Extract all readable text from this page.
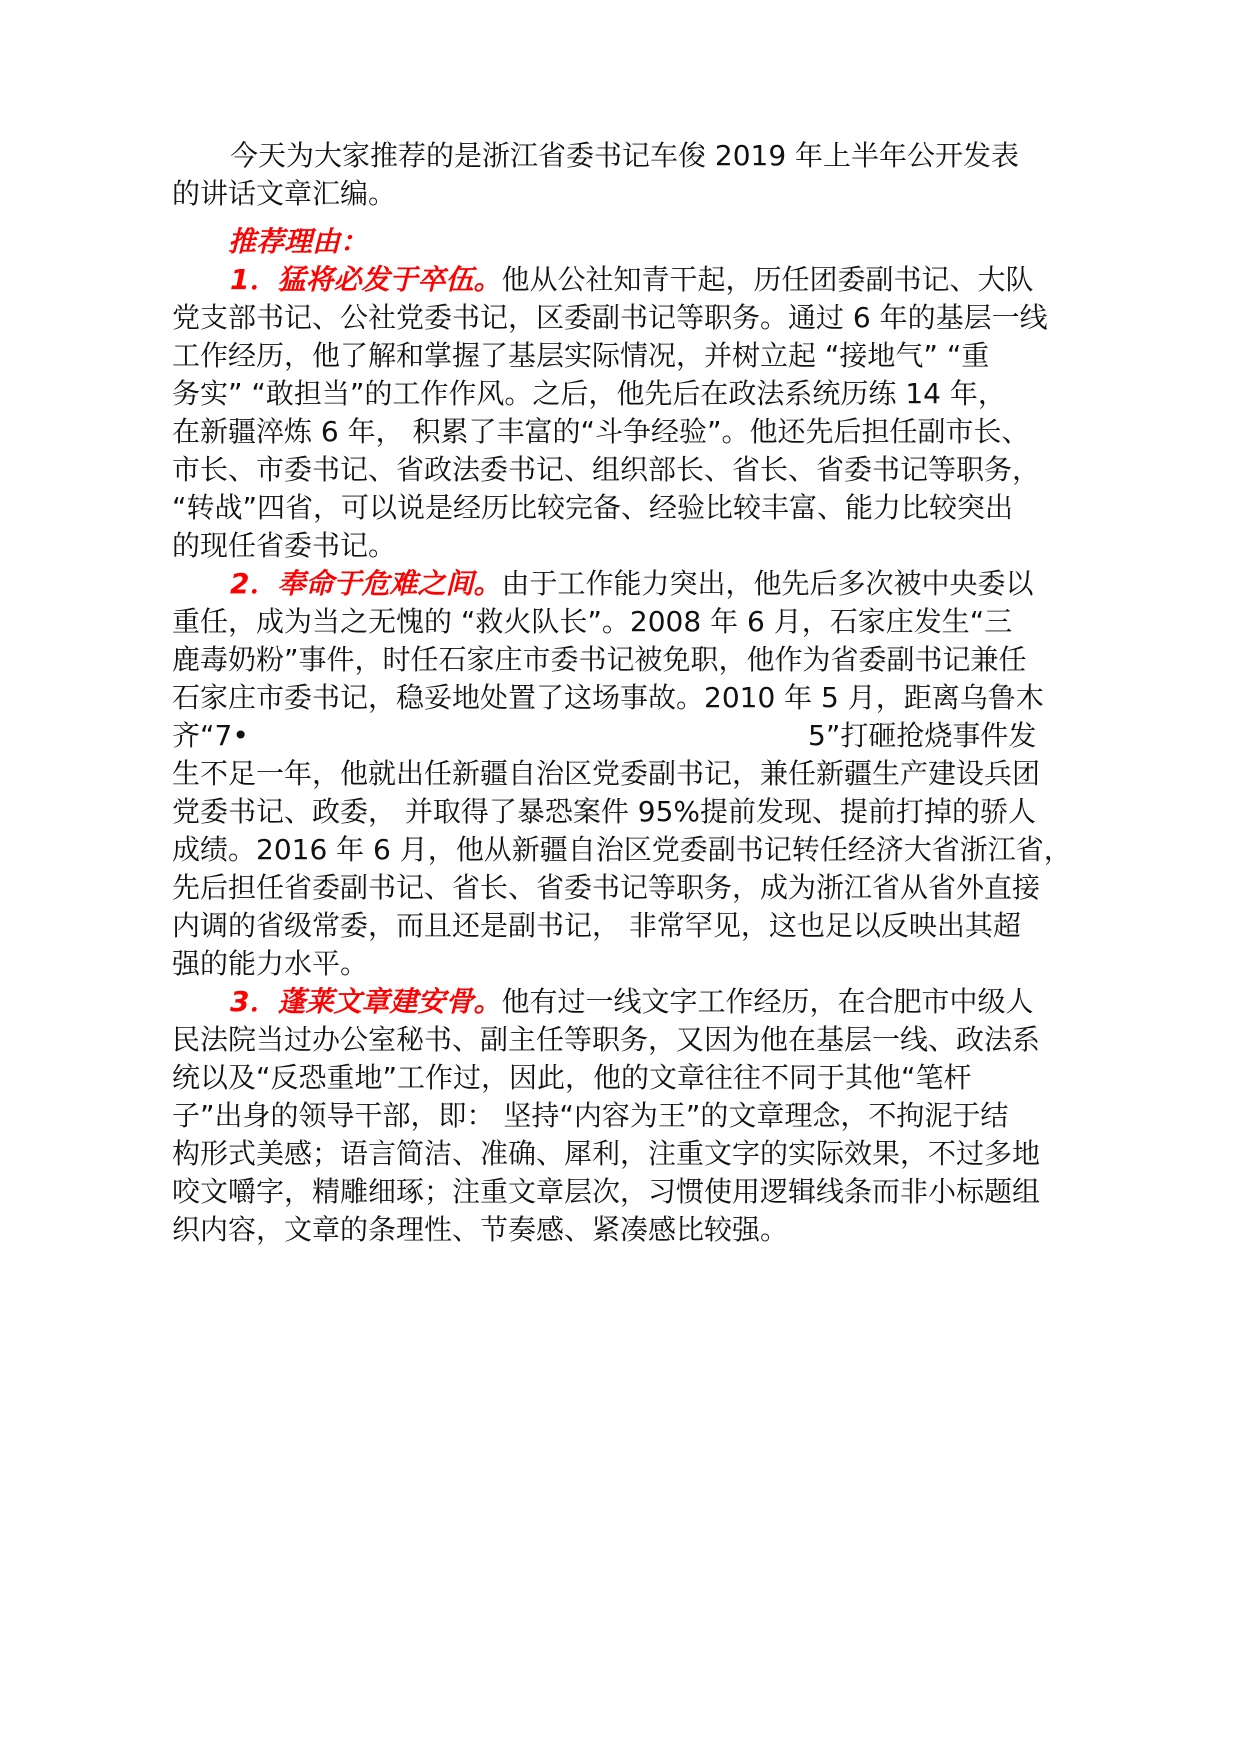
今天为大家推荐的是浙江省委书记车俊 2019 年上半年公开发表
的讲话文章汇编。
推荐理由：
1．猛将必发于卒伍。他从公社知青干起，历任团委副书记、大队
党支部书记、公社党委书记，区委副书记等职务。通过 6 年的基层一线
工作经历，他了解和掌握了基层实际情况，并树立起 “接地气” “重
务实” “敢担当”的工作作风。之后，他先后在政法系统历练 14 年，
在新疆淬炼 6 年， 积累了丰富的“斗争经验”。他还先后担任副市长、
市长、市委书记、省政法委书记、组织部长、省长、省委书记等职务，
“转战”四省，可以说是经历比较完备、经验比较丰富、能力比较突出
的现任省委书记。
2．奉命于危难之间。由于工作能力突出，他先后多次被中央委以
重任，成为当之无愧的 “救火队长”。2008 年 6 月，石家庄发生“三
鹿毒奶粉”事件，时任石家庄市委书记被免职，他作为省委副书记兼任
石家庄市委书记，稳妥地处置了这场事故。2010 年 5 月，距离乌鲁木
齐“7•	5”打砸抢烧事件发
生不足一年，他就出任新疆自治区党委副书记，兼任新疆生产建设兵团
党委书记、政委， 并取得了暴恐案件 95%提前发现、提前打掉的骄人
成绩。2016 年 6 月，他从新疆自治区党委副书记转任经济大省浙江省，
先后担任省委副书记、省长、省委书记等职务，成为浙江省从省外直接
内调的省级常委，而且还是副书记， 非常罕见，这也足以反映出其超
强的能力水平。
3．蓬莱文章建安骨。他有过一线文字工作经历，在合肥市中级人
民法院当过办公室秘书、副主任等职务，又因为他在基层一线、政法系
统以及“反恐重地”工作过，因此，他的文章往往不同于其他“笔杆
子”出身的领导干部，即： 坚持“内容为王”的文章理念，不拘泥于结
构形式美感；语言简洁、准确、犀利，注重文字的实际效果，不过多地
咬文嚼字，精雕细琢；注重文章层次，习惯使用逻辑线条而非小标题组
织内容，文章的条理性、节奏感、紧凑感比较强。
